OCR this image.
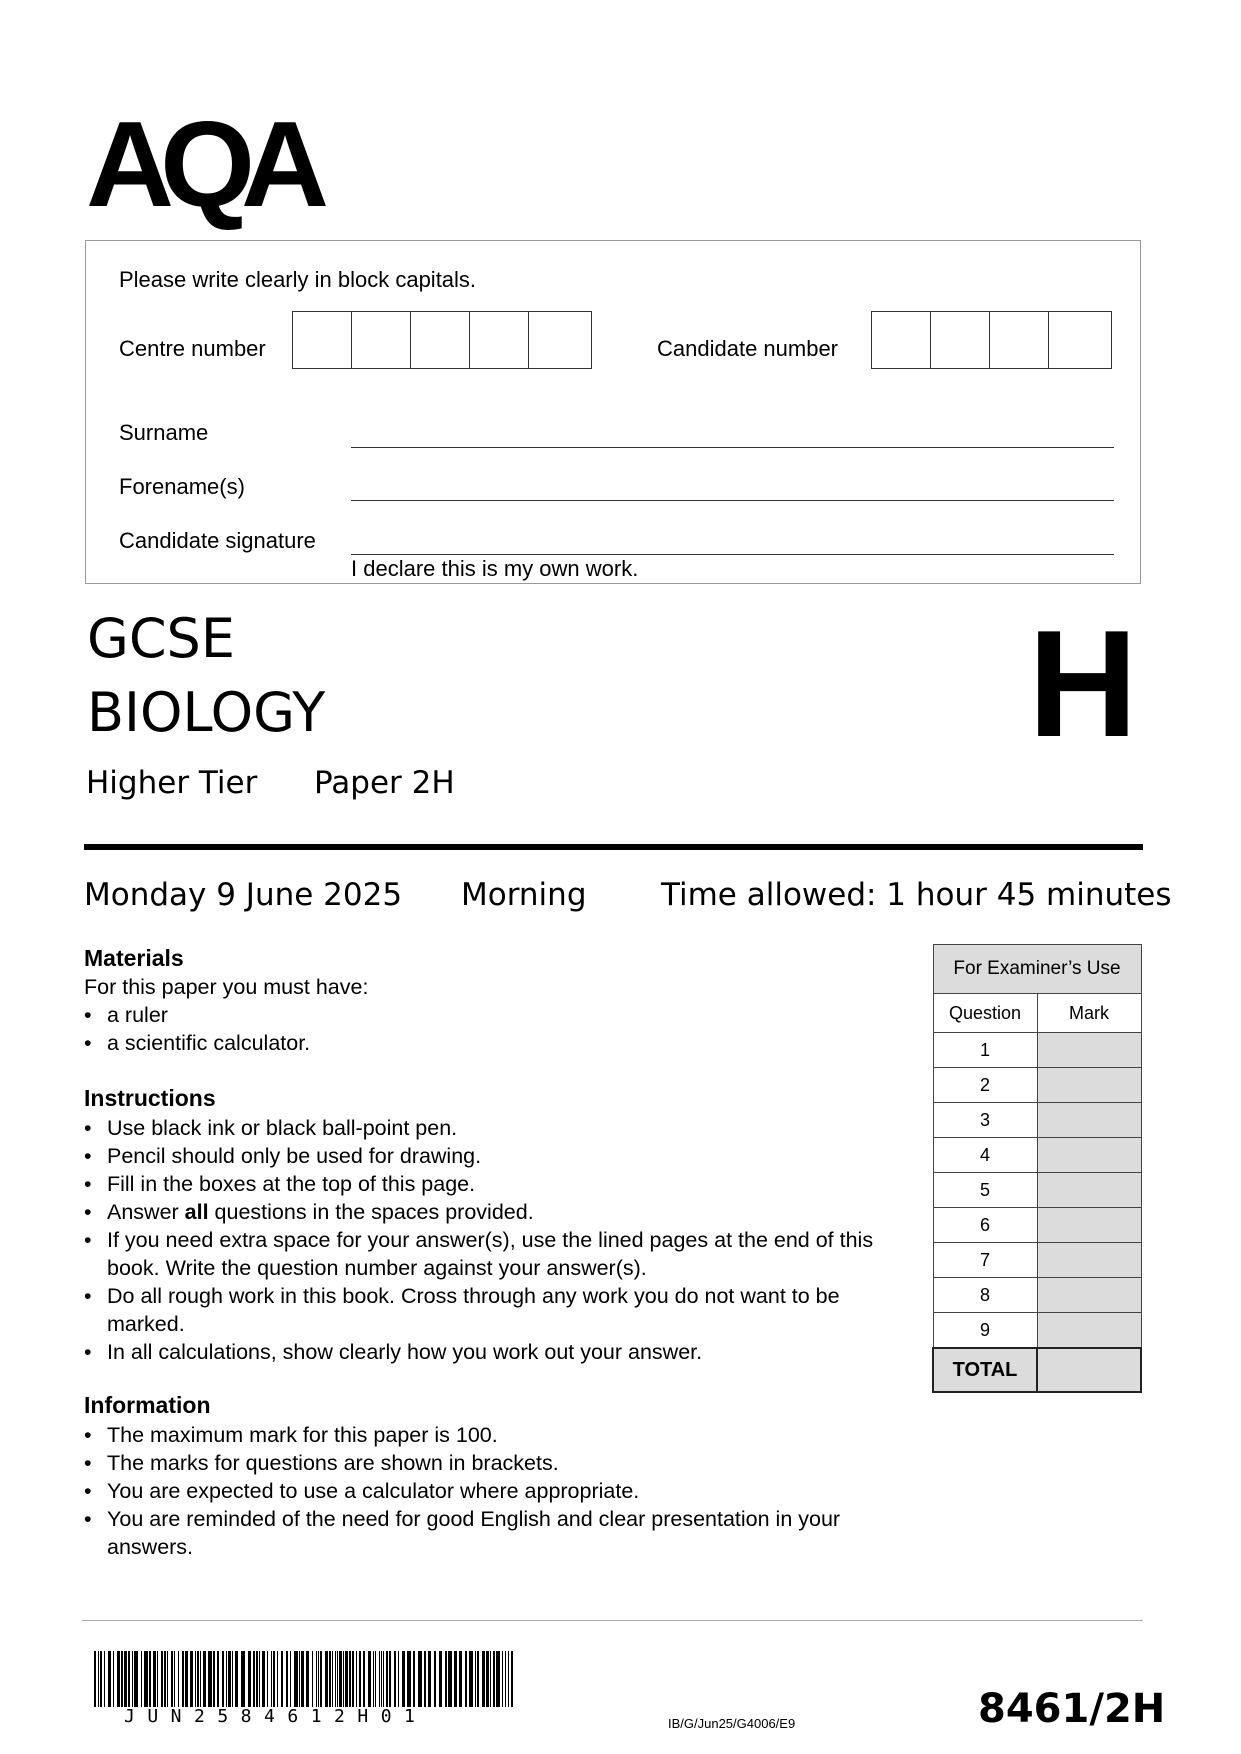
AQA
Please write clearly in block capitals.
Centre number	Candidate number
Surname
Forename(s)
Candidate signature
I declare this is my own work.
GCSE
BIOLOGY
Higher Tier Paper 2H
H
Monday 9 June 2025 Morning Time allowed: 1 hour 45 minutes
Materials
For this paper you must have:
• a ruler
• a scientific calculator.
Instructions
• Use black ink or black ball-point pen.
• Pencil should only be used for drawing.
• Fill in the boxes at the top of this page.
• Answer all questions in the spaces provided.
• If you need extra space for your answer(s), use the lined pages at the end of this book. Write the question number against your answer(s).
• Do all rough work in this book. Cross through any work you do not want to be marked.
• In all calculations, show clearly how you work out your answer.
Information
• The maximum mark for this paper is 100.
• The marks for questions are shown in brackets.
• You are expected to use a calculator where appropriate.
• You are reminded of the need for good English and clear presentation in your answers.
For Examiner’s Use	
Question	Mark
1	
2	
3	
4	
5	
6	
7	
8	
9	
TOTAL	
JUN2584612H01	IB/G/Jun25/G4006/E9	8461/2H
